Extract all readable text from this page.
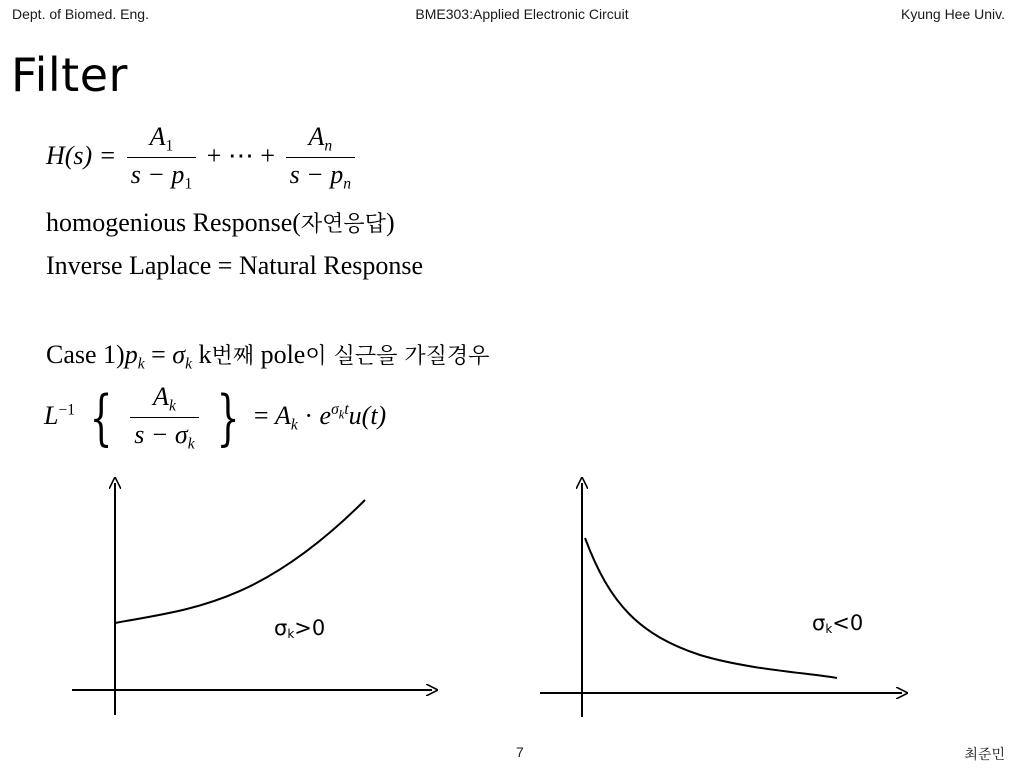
Dept. of Biomed. Eng.	BME303:Applied Electronic Circuit	Kyung Hee Univ.
Filter
$H(s) = \frac{A_1}{s - p_1}$ + ⋯ + $\frac{A_n}{s - p_n}$
homogenious Response(자연응답)
Inverse Laplace = Natural Response
Case $1)p_k = \sigma_k$ k번째 pole이 실근을 가질경우
$L^{-1}$ { $\frac{A_k}{s - \sigma_k}$ } = $A_k \cdot e^{\sigma_kt}u(t)$
σk>0	σk<0
7	최준민
